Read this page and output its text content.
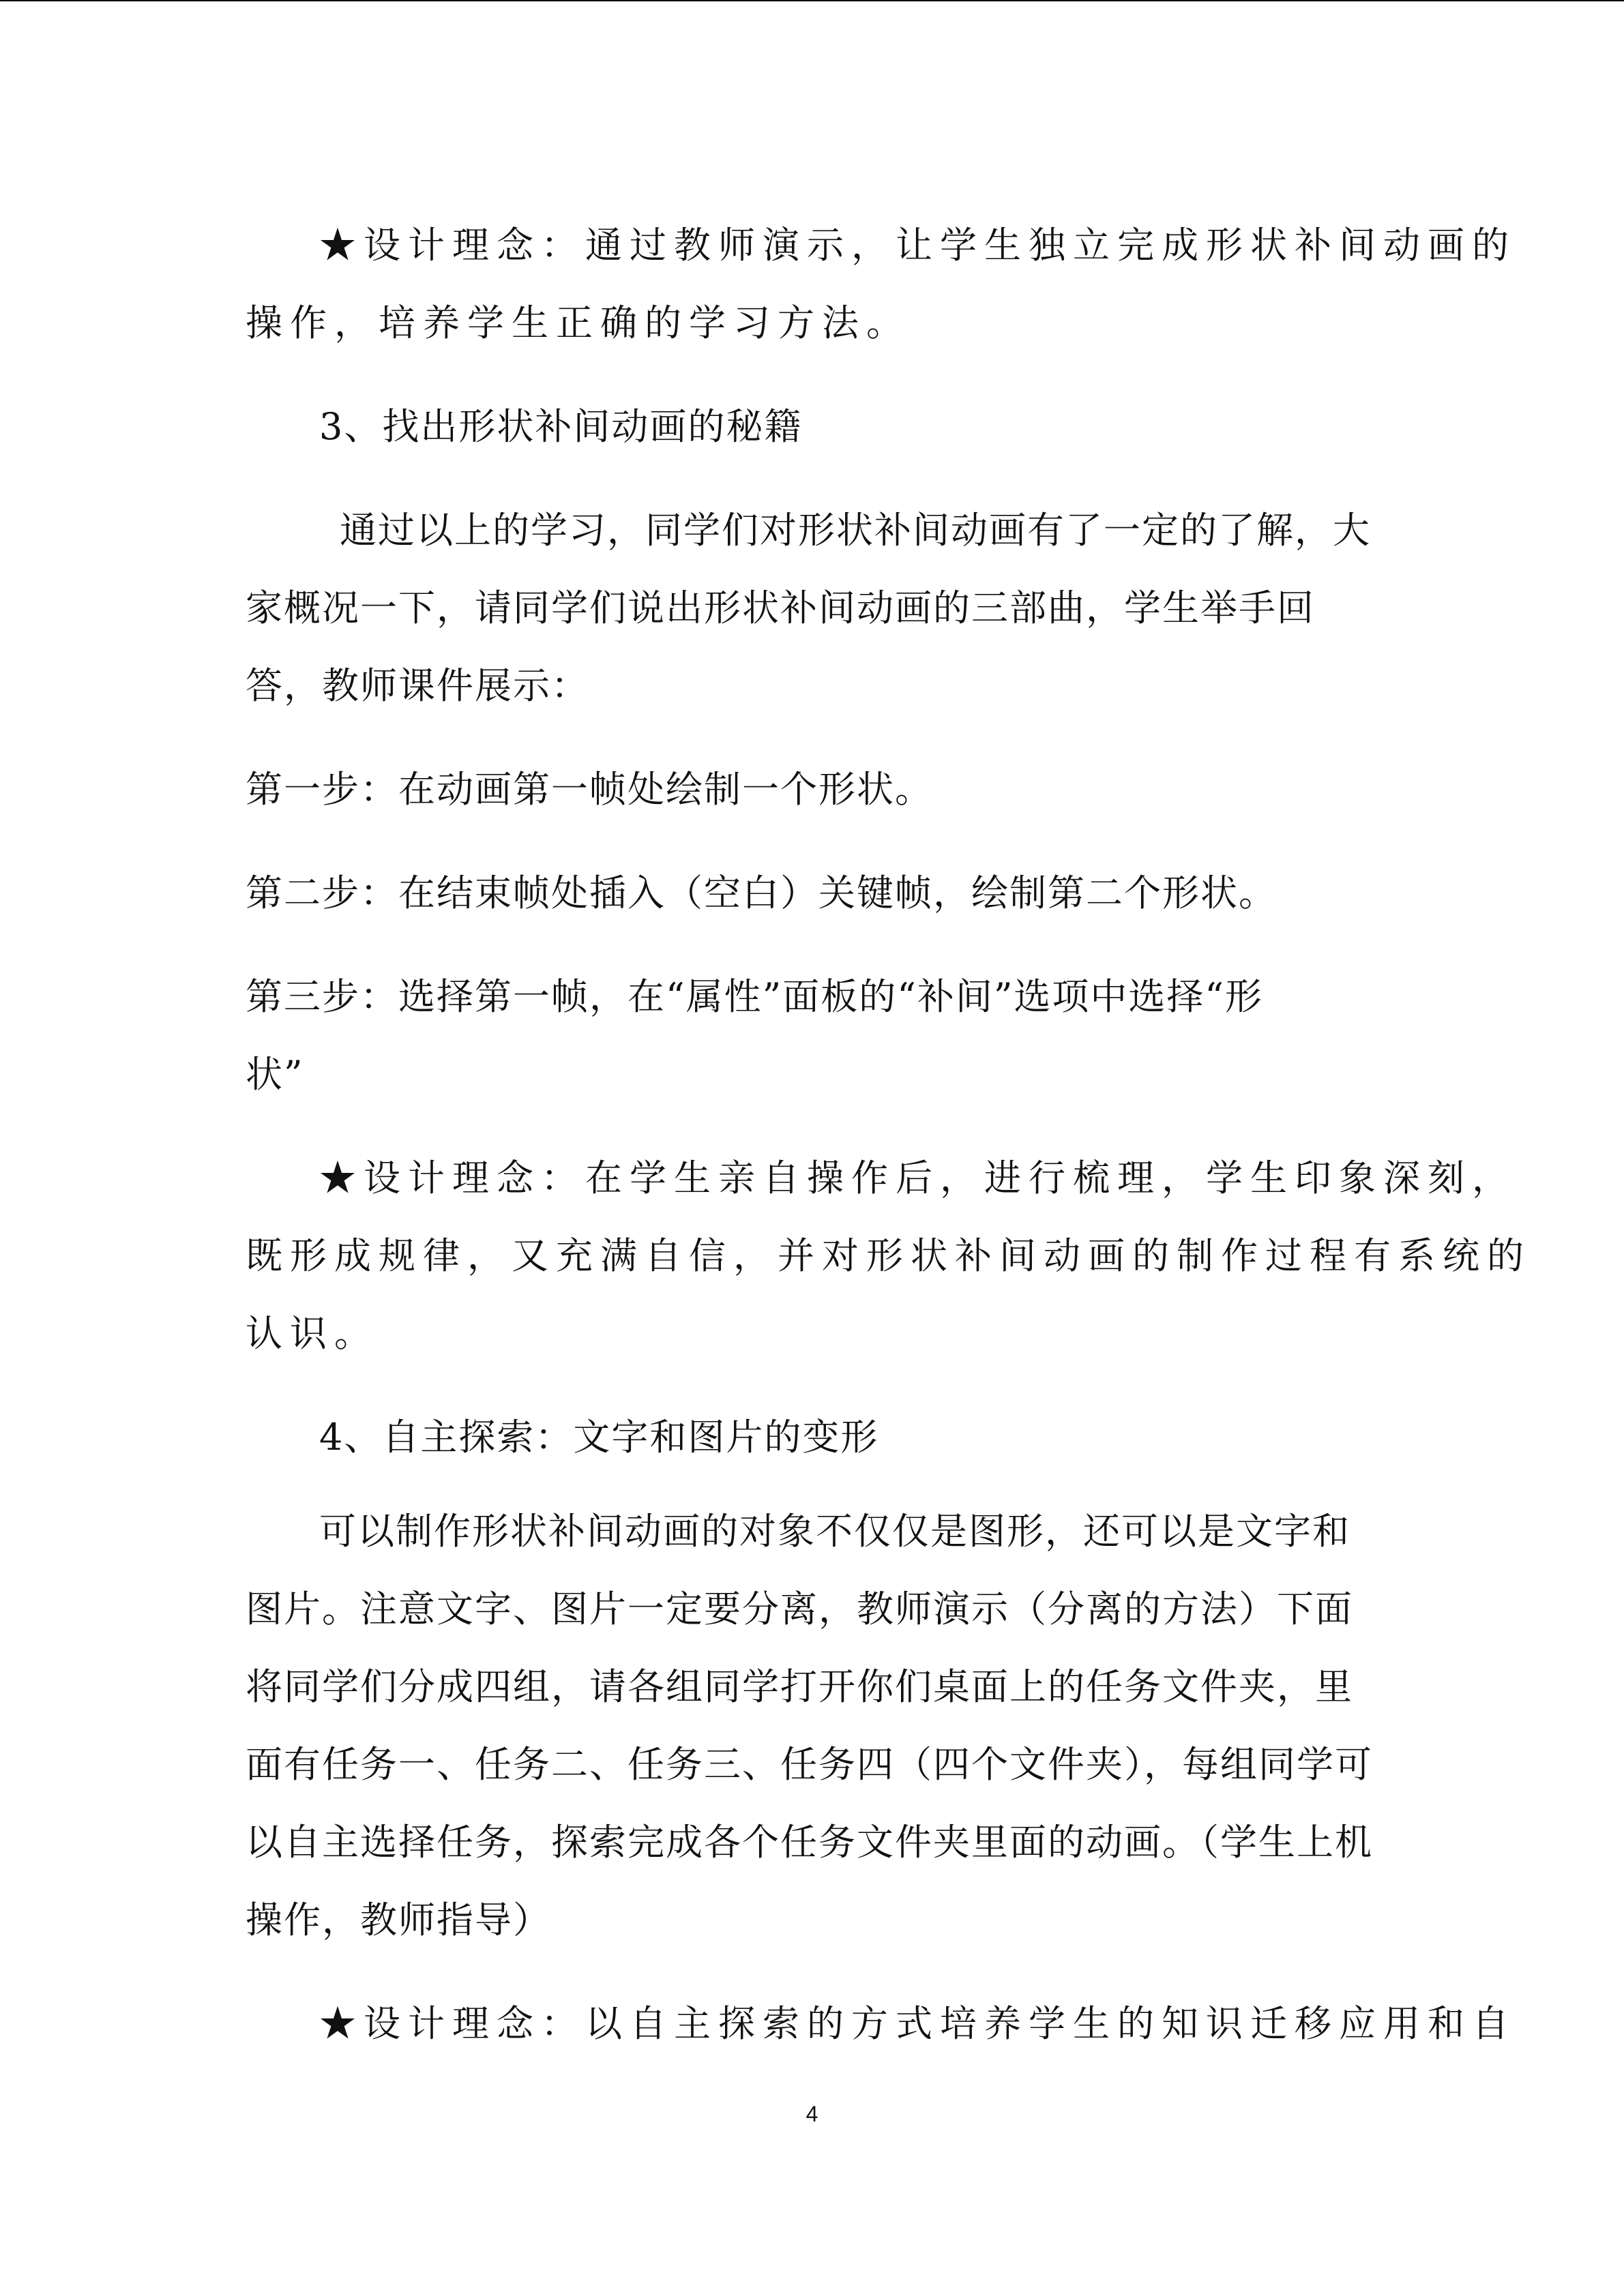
★设计理念：通过教师演示，让学生独立完成形状补间动画的
操作，培养学生正确的学习方法。
3、找出形状补间动画的秘籍
通过以上的学习，同学们对形状补间动画有了一定的了解，大
家概况一下，请同学们说出形状补间动画的三部曲，学生举手回
答，教师课件展示：
第一步：在动画第一帧处绘制一个形状。
第二步：在结束帧处插入（空白）关键帧，绘制第二个形状。
第三步：选择第一帧，在“属性”面板的“补间”选项中选择“形
状”
★设计理念：在学生亲自操作后，进行梳理，学生印象深刻，
既形成规律，又充满自信，并对形状补间动画的制作过程有系统的
认识。
4、自主探索：文字和图片的变形
可以制作形状补间动画的对象不仅仅是图形，还可以是文字和
图片。注意文字、图片一定要分离，教师演示（分离的方法）下面
将同学们分成四组，请各组同学打开你们桌面上的任务文件夹，里
面有任务一、任务二、任务三、任务四（四个文件夹），每组同学可
以自主选择任务，探索完成各个任务文件夹里面的动画。（学生上机
操作，教师指导）
★设计理念：以自主探索的方式培养学生的知识迁移应用和自
4
